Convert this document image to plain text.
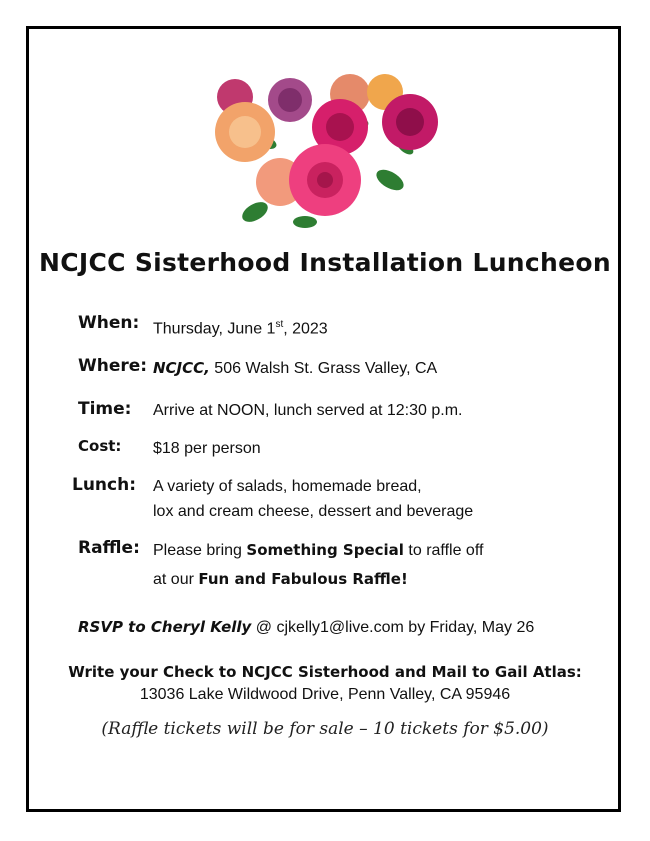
NCJCC Sisterhood Installation Luncheon
When: Thursday, June 1st, 2023
Where: NCJCC, 506 Walsh St. Grass Valley, CA
Time: Arrive at NOON, lunch served at 12:30 p.m.
Cost: $18 per person
Lunch: A variety of salads, homemade bread,
lox and cream cheese, dessert and beverage
Raffle: Please bring Something Special to raffle off
at our Fun and Fabulous Raffle!
RSVP to Cheryl Kelly @ cjkelly1@live.com by Friday, May 26
Write your Check to NCJCC Sisterhood and Mail to Gail Atlas:
13036 Lake Wildwood Drive, Penn Valley, CA 95946
(Raffle tickets will be for sale – 10 tickets for $5.00)
